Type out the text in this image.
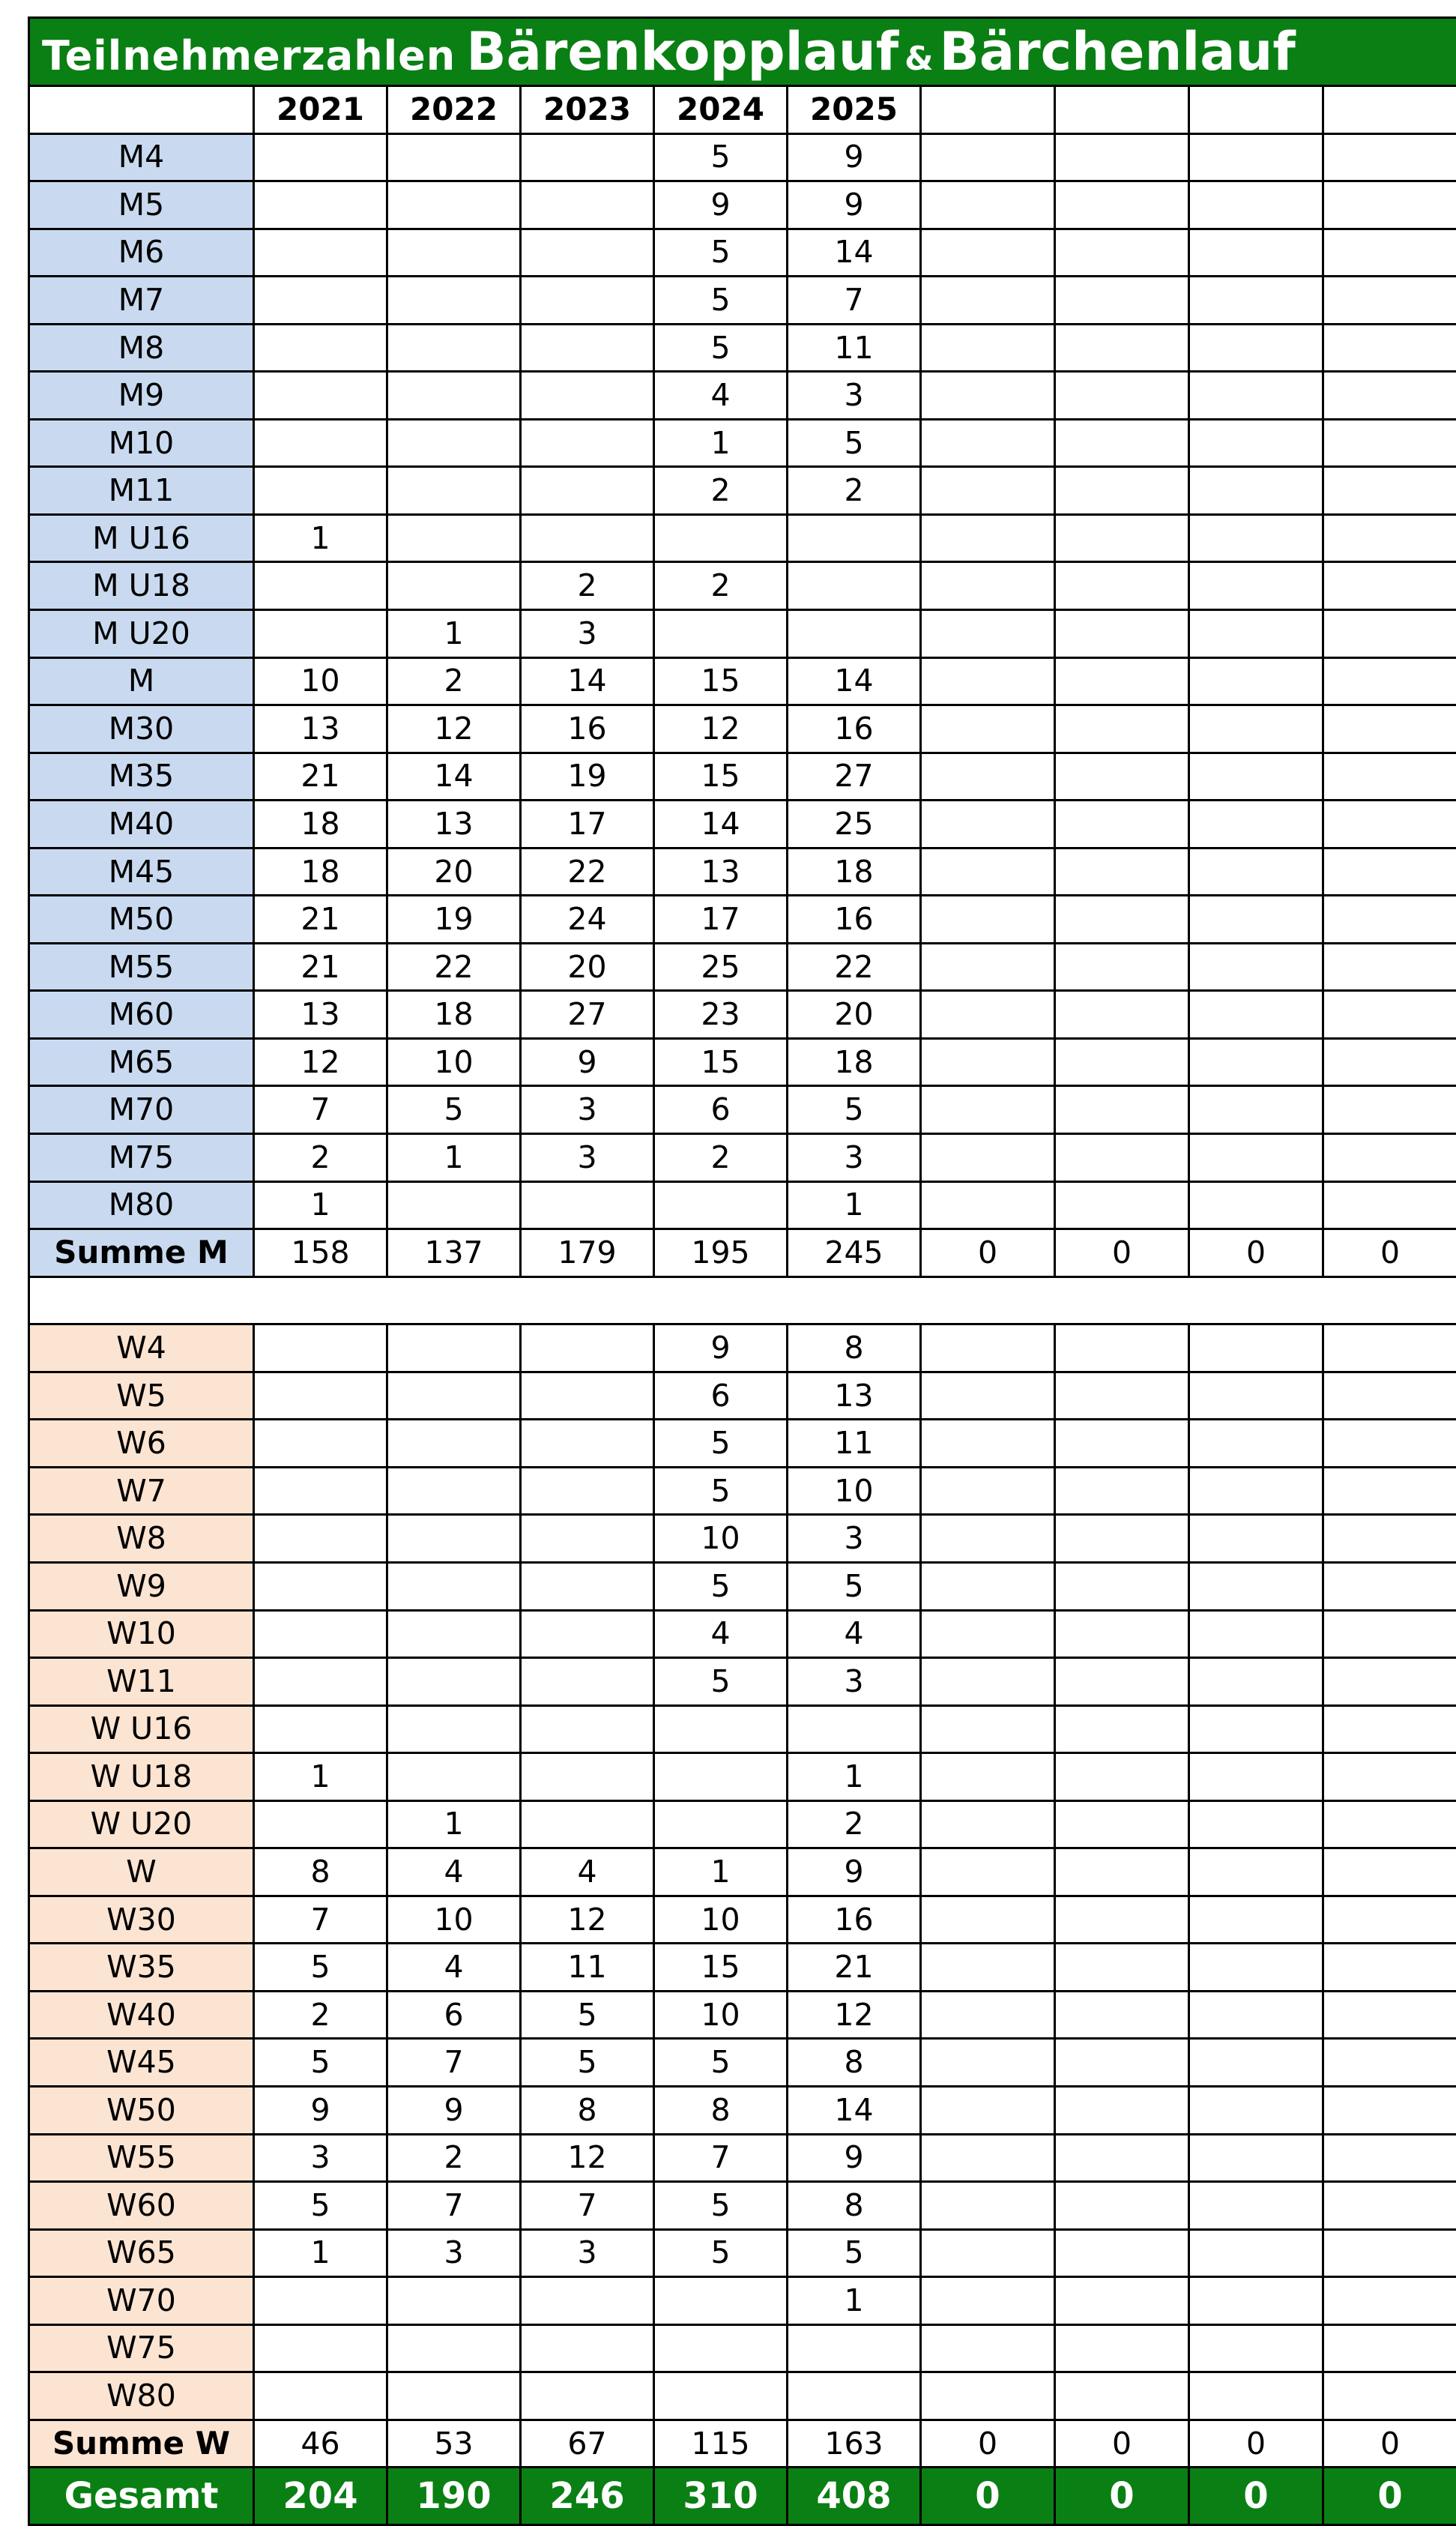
Teilnehmerzahlen Bärenkopplauf & Bärchenlauf									
	2021	2022	2023	2024	2025				
M4				5	9				
M5				9	9				
M6				5	14				
M7				5	7				
M8				5	11				
M9				4	3				
M10				1	5				
M11				2	2				
M U16	1								
M U18			2	2					
M U20		1	3						
M	10	2	14	15	14				
M30	13	12	16	12	16				
M35	21	14	19	15	27				
M40	18	13	17	14	25				
M45	18	20	22	13	18				
M50	21	19	24	17	16				
M55	21	22	20	25	22				
M60	13	18	27	23	20				
M65	12	10	9	15	18				
M70	7	5	3	6	5				
M75	2	1	3	2	3				
M80	1				1				
Summe M	158	137	179	195	245	0	0	0	0

W4				9	8				
W5				6	13				
W6				5	11				
W7				5	10				
W8				10	3				
W9				5	5				
W10				4	4				
W11				5	3				
W U16									
W U18	1				1				
W U20		1			2				
W	8	4	4	1	9				
W30	7	10	12	10	16				
W35	5	4	11	15	21				
W40	2	6	5	10	12				
W45	5	7	5	5	8				
W50	9	9	8	8	14				
W55	3	2	12	7	9				
W60	5	7	7	5	8				
W65	1	3	3	5	5				
W70					1				
W75									
W80									
Summe W	46	53	67	115	163	0	0	0	0
Gesamt	204	190	246	310	408	0	0	0	0
